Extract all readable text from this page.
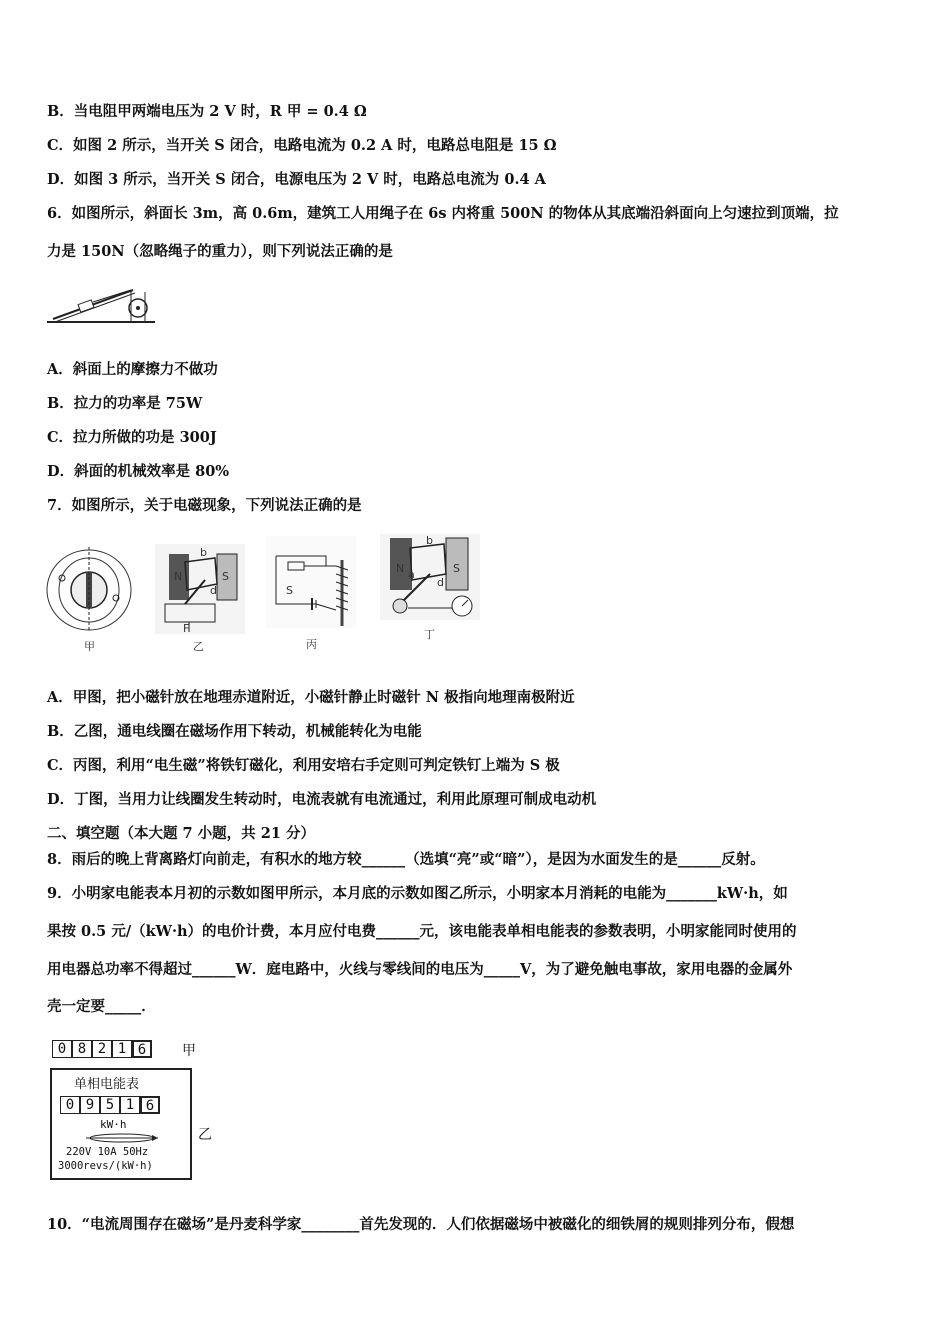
B．当电阻甲两端电压为 2 V 时，R 甲 = 0.4 Ω
C．如图 2 所示，当开关 S 闭合，电路电流为 0.2 A 时，电路总电阻是 15 Ω
D．如图 3 所示，当开关 S 闭合，电源电压为 2 V 时，电路总电流为 0.4 A
6．如图所示，斜面长 3m，高 0.6m，建筑工人用绳子在 6s 内将重 500N 的物体从其底端沿斜面向上匀速拉到顶端，拉
力是 150N（忽略绳子的重力），则下列说法正确的是
A．斜面上的摩擦力不做功
B．拉力的功率是 75W
C．拉力所做的功是 300J
D．斜面的机械效率是 80%
7．如图所示，关于电磁现象，下列说法正确的是
甲
N	S
b
d
F
乙
S
丙
N	S
b
a
d
丁
A．甲图，把小磁针放在地理赤道附近，小磁针静止时磁针 N 极指向地理南极附近
B．乙图，通电线圈在磁场作用下转动，机械能转化为电能
C．丙图，利用“电生磁”将铁钉磁化，利用安培右手定则可判定铁钉上端为 S 极
D．丁图，当用力让线圈发生转动时，电流表就有电流通过，利用此原理可制成电动机
二、填空题（本大题 7 小题，共 21 分）
8．雨后的晚上背离路灯向前走，有积水的地方较______（选填“亮”或“暗”），是因为水面发生的是______反射。
9．小明家电能表本月初的示数如图甲所示，本月底的示数如图乙所示，小明家本月消耗的电能为_______kW·h，如
果按 0.5 元/（kW·h）的电价计费，本月应付电费______元，该电能表单相电能表的参数表明，小明家能同时使用的
用电器总功率不得超过______W．庭电路中，火线与零线间的电压为_____V，为了避免触电事故，家用电器的金属外
壳一定要_____．
0 8 2 1 6	甲
单相电能表
0 9 5 1 6
kW·h
220V 10A 50Hz
3000revs/(kW·h)
乙
10．“电流周围存在磁场”是丹麦科学家________首先发现的．人们依据磁场中被磁化的细铁屑的规则排列分布，假想
